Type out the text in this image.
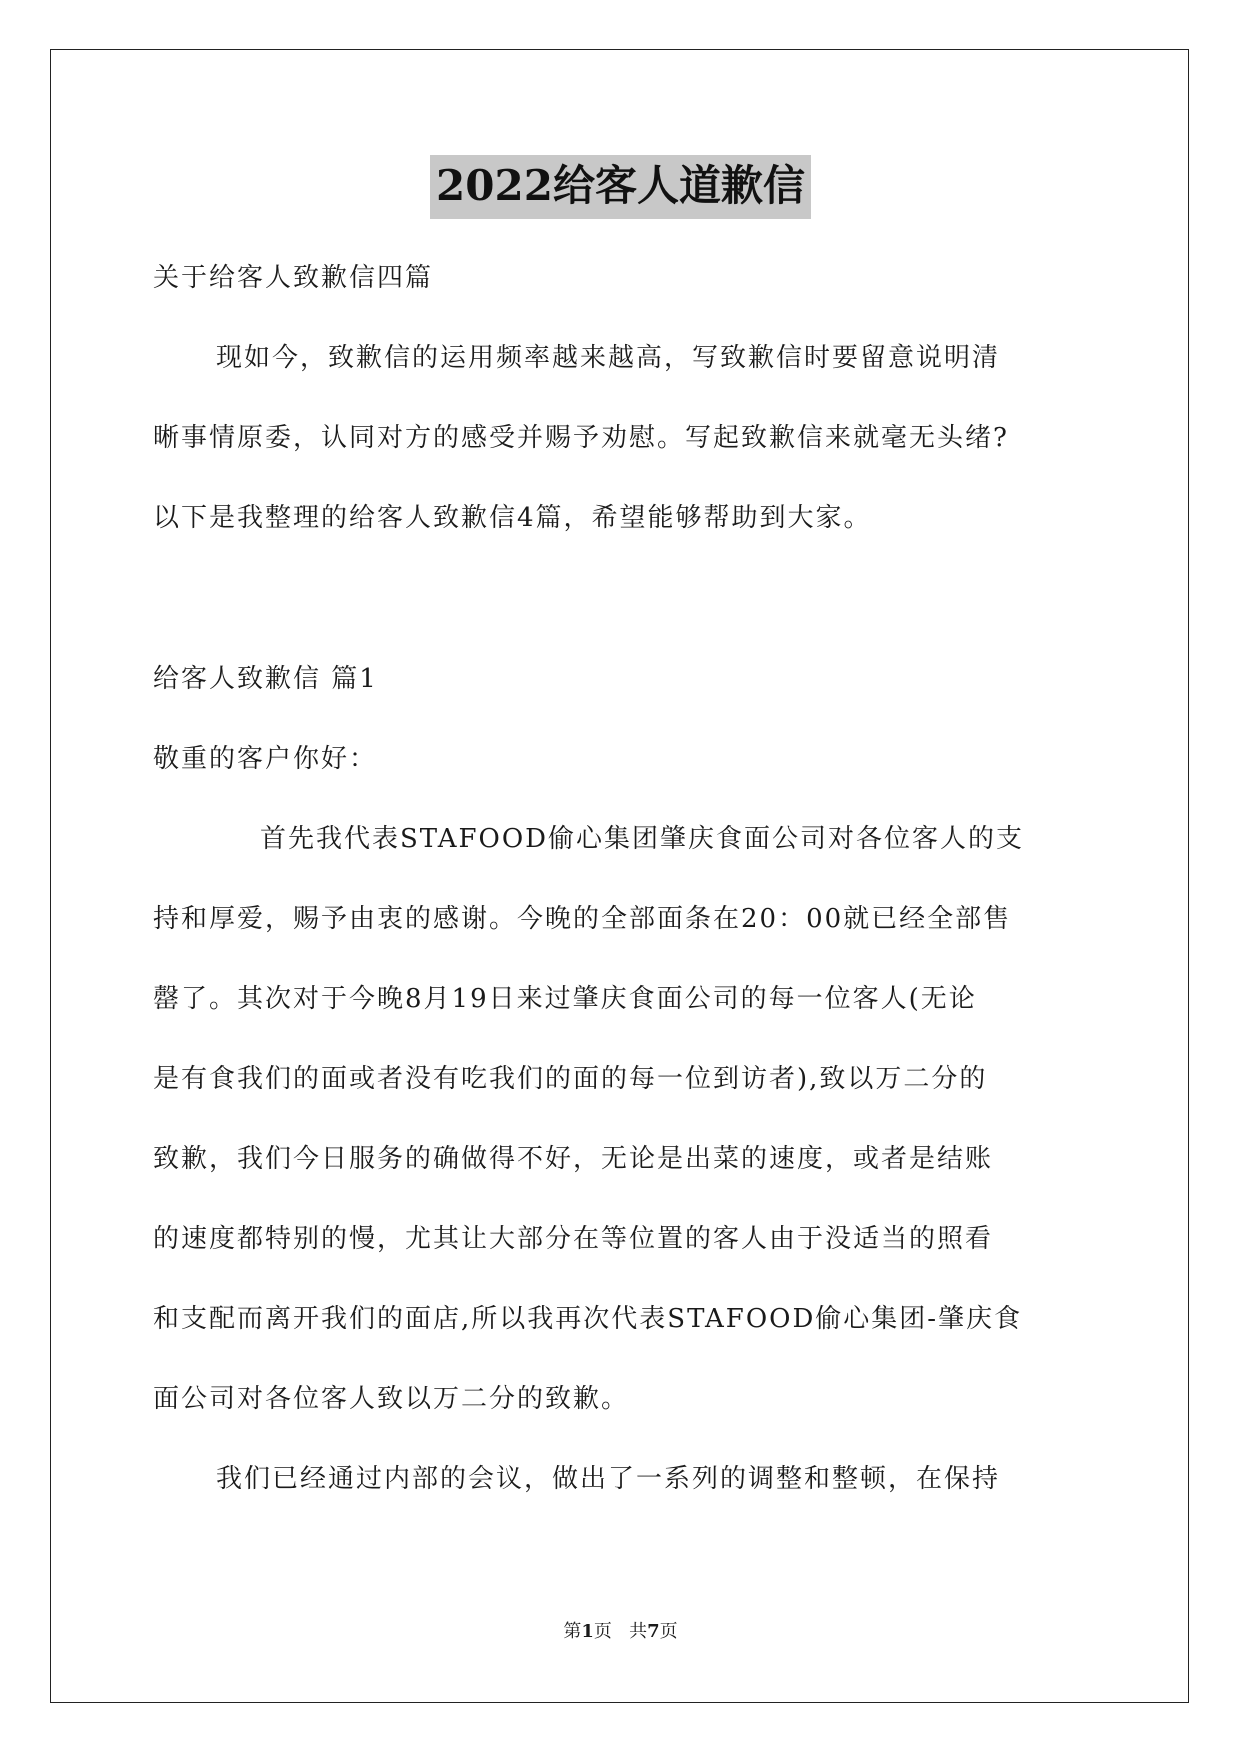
2022给客人道歉信

关于给客人致歉信四篇

现如今，致歉信的运用频率越来越高，写致歉信时要留意说明清

晰事情原委，认同对方的感受并赐予劝慰。写起致歉信来就毫无头绪?

以下是我整理的给客人致歉信4篇，希望能够帮助到大家。

给客人致歉信 篇1

敬重的客户你好：

首先我代表STAFOOD偷心集团肇庆食面公司对各位客人的支

持和厚爱，赐予由衷的感谢。今晚的全部面条在20：00就已经全部售

罄了。其次对于今晚8月19日来过肇庆食面公司的每一位客人(无论

是有食我们的面或者没有吃我们的面的每一位到访者),致以万二分的

致歉，我们今日服务的确做得不好，无论是出菜的速度，或者是结账

的速度都特别的慢，尤其让大部分在等位置的客人由于没适当的照看

和支配而离开我们的面店,所以我再次代表STAFOOD偷心集团-肇庆食

面公司对各位客人致以万二分的致歉。

我们已经通过内部的会议，做出了一系列的调整和整顿，在保持

第1页 共7页
